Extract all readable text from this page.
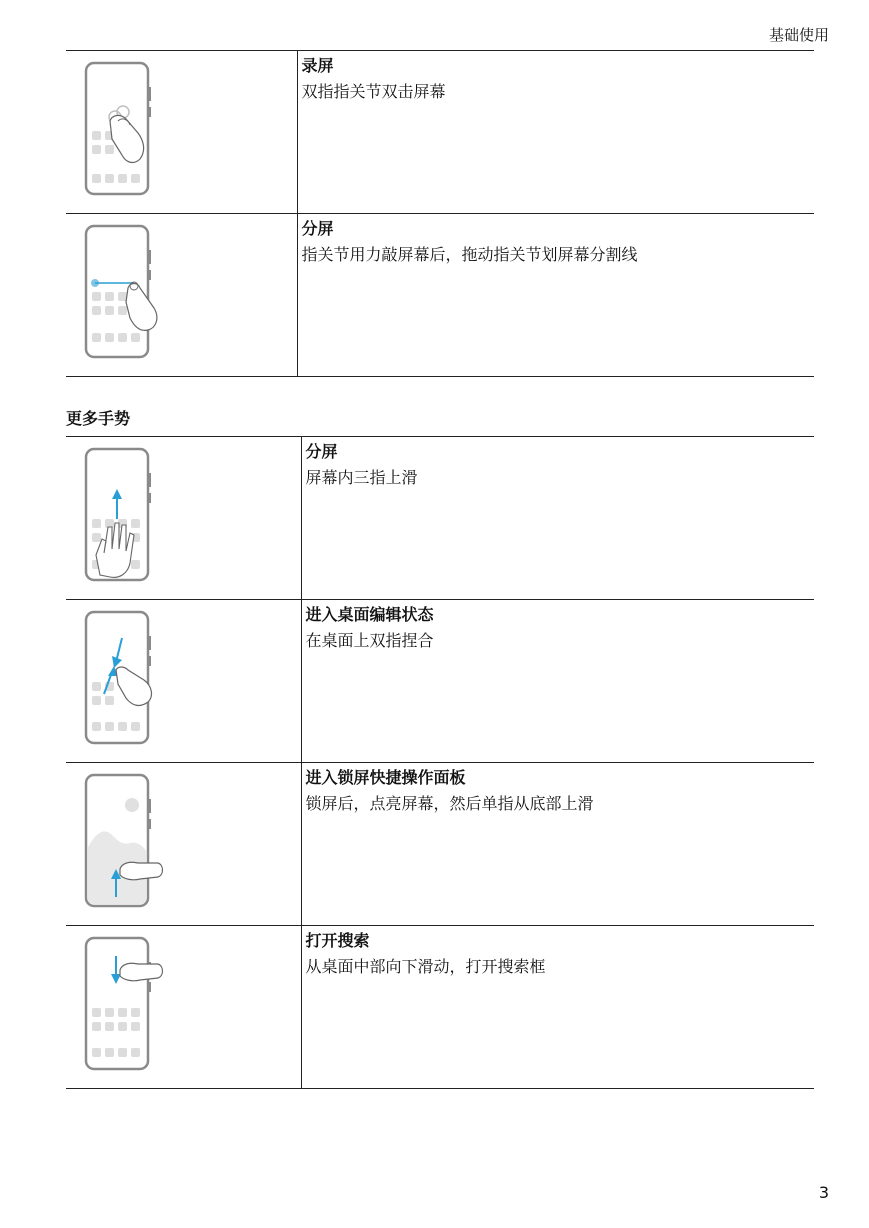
基础使用

录屏
双指指关节双击屏幕

分屏
指关节用力敲屏幕后，拖动指关节划屏幕分割线
更多手势

分屏
屏幕内三指上滑

进入桌面编辑状态
在桌面上双指捏合

进入锁屏快捷操作面板
锁屏后，点亮屏幕，然后单指从底部上滑

打开搜索
从桌面中部向下滑动，打开搜索框
3
